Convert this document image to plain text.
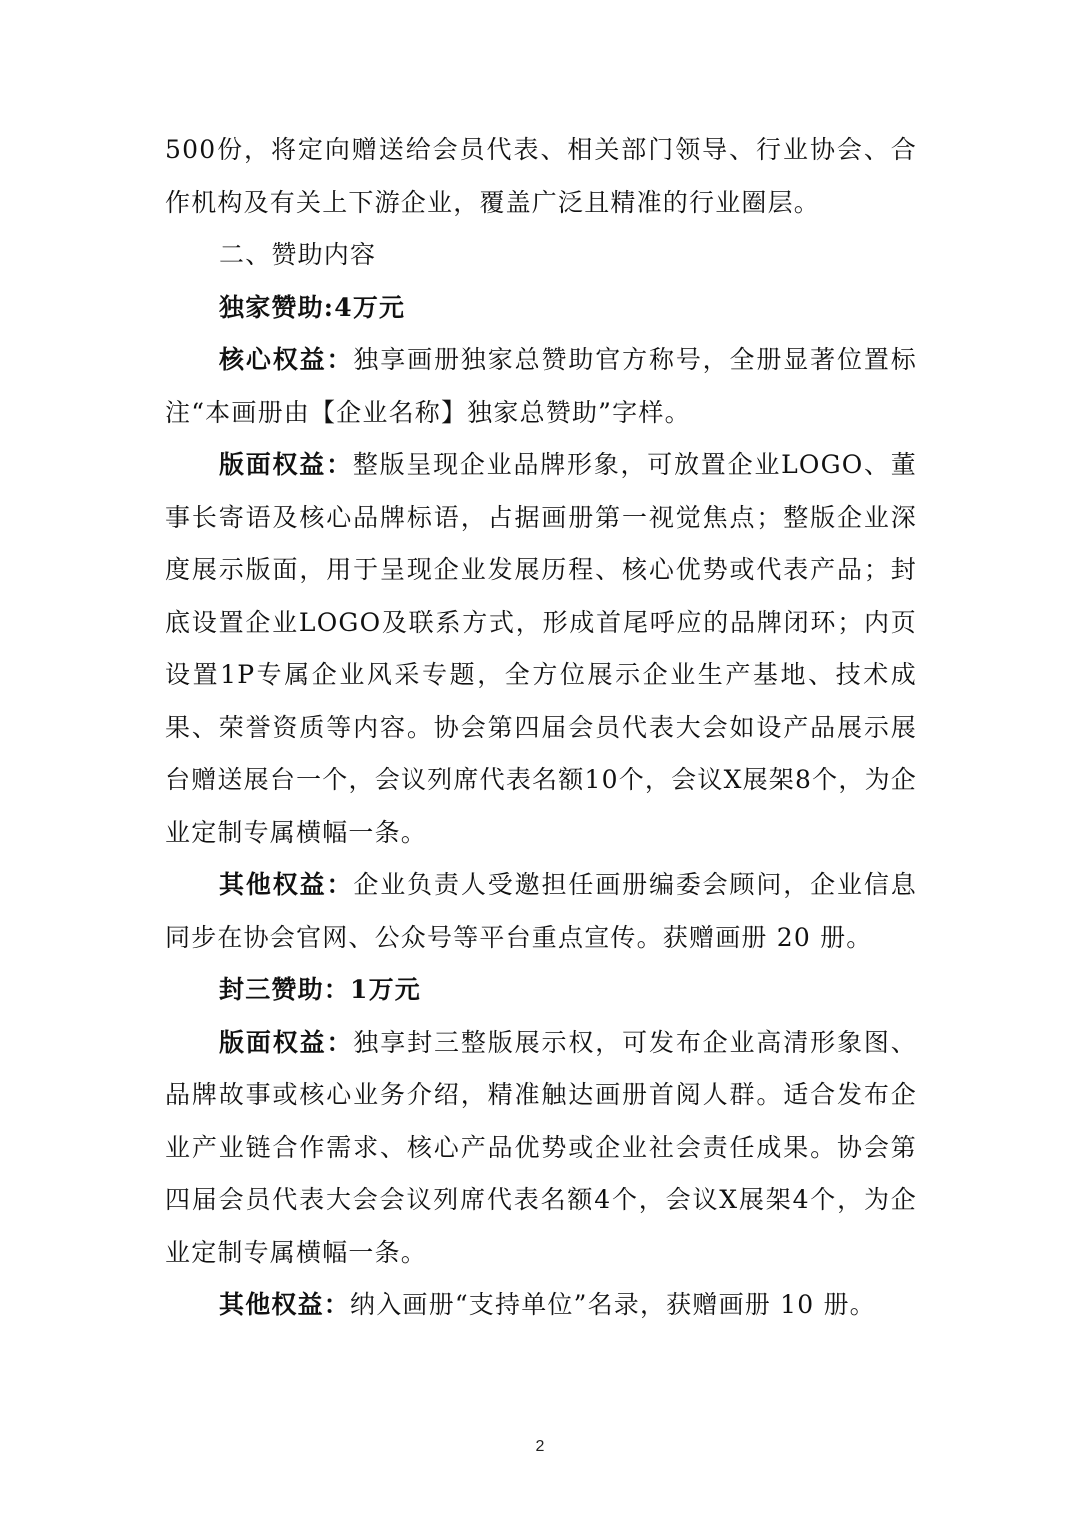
500份，将定向赠送给会员代表、相关部门领导、行业协会、合作机构及有关上下游企业，覆盖广泛且精准的行业圈层。

二、赞助内容

独家赞助:4万元

核心权益：独享画册独家总赞助官方称号，全册显著位置标注“本画册由【企业名称】独家总赞助”字样。

版面权益：整版呈现企业品牌形象，可放置企业LOGO、董事长寄语及核心品牌标语，占据画册第一视觉焦点；整版企业深度展示版面，用于呈现企业发展历程、核心优势或代表产品；封底设置企业LOGO及联系方式，形成首尾呼应的品牌闭环；内页设置1P专属企业风采专题，全方位展示企业生产基地、技术成果、荣誉资质等内容。协会第四届会员代表大会如设产品展示展台赠送展台一个，会议列席代表名额10个，会议X展架8个，为企业定制专属横幅一条。

其他权益：企业负责人受邀担任画册编委会顾问，企业信息同步在协会官网、公众号等平台重点宣传。获赠画册 20 册。

封三赞助：1万元

版面权益：独享封三整版展示权，可发布企业高清形象图、品牌故事或核心业务介绍，精准触达画册首阅人群。适合发布企业产业链合作需求、核心产品优势或企业社会责任成果。协会第四届会员代表大会会议列席代表名额4个，会议X展架4个，为企业定制专属横幅一条。

其他权益：纳入画册“支持单位”名录，获赠画册 10 册。

2
